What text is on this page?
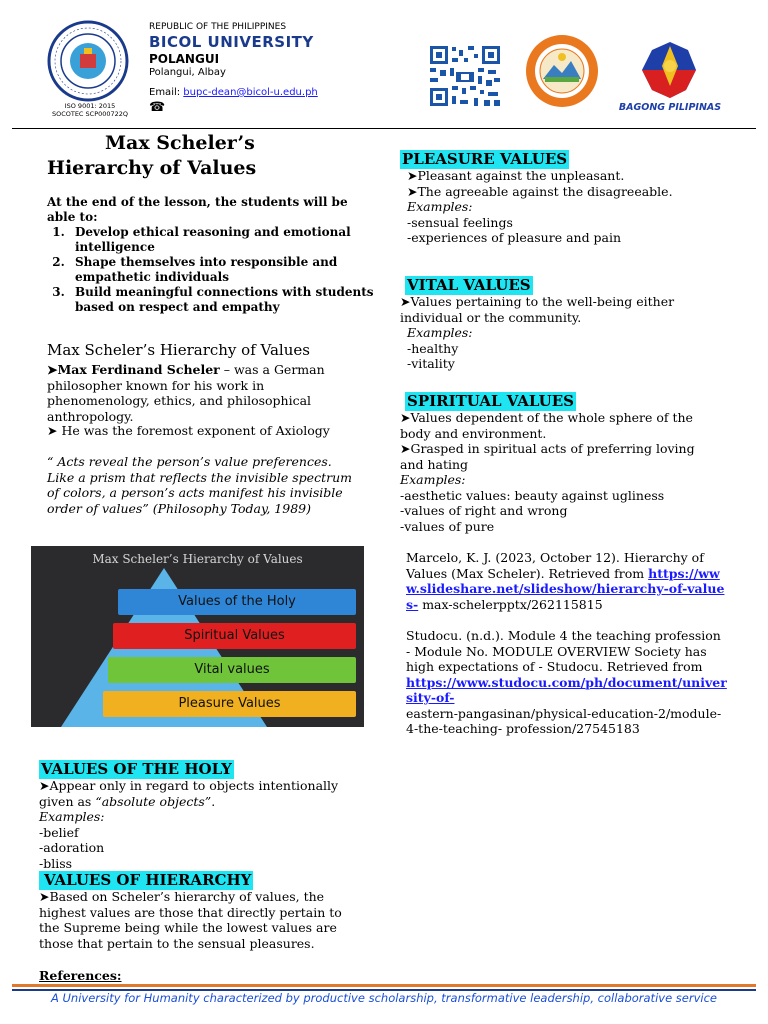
REPUBLIC OF THE PHILIPPINES
BICOL UNIVERSITY
POLANGUI
Polangui, Albay
Email: bupc-dean@bicol-u.edu.ph
☎
ISO 9001: 2015
SOCOTEC SCP000722Q
BAGONG PILIPINAS
Max Scheler’s
Hierarchy of Values
At the end of the lesson, the students will be able to:
1. Develop ethical reasoning and emotional intelligence
2. Shape themselves into responsible and empathetic individuals
3. Build meaningful connections with students based on respect and empathy
Max Scheler’s Hierarchy of Values
➤Max Ferdinand Scheler – was a German philosopher known for his work in phenomenology, ethics, and philosophical anthropology.
➤ He was the foremost exponent of Axiology
“ Acts reveal the person’s value preferences. Like a prism that reflects the invisible spectrum of colors, a person’s acts manifest his invisible order of values” (Philosophy Today, 1989)
Max Scheler’s Hierarchy of Values
Values of the Holy
Spiritual Values
Vital values
Pleasure Values
VALUES OF THE HOLY
➤Appear only in regard to objects intentionally
given as “absolute objects”.
Examples:
-belief
-adoration
-bliss
VALUES OF HIERARCHY
➤Based on Scheler’s hierarchy of values, the highest values are those that directly pertain to the Supreme being while the lowest values are those that pertain to the sensual pleasures.
References:
PLEASURE VALUES
➤Pleasant against the unpleasant.
➤The agreeable against the disagreeable.
Examples:
-sensual feelings
-experiences of pleasure and pain
VITAL VALUES
➤Values pertaining to the well-being either individual or the community.
Examples:
-healthy
-vitality
SPIRITUAL VALUES
➤Values dependent of the whole sphere of the body and environment.
➤Grasped in spiritual acts of preferring loving and hating
Examples:
-aesthetic values: beauty against ugliness
-values of right and wrong
-values of pure
Marcelo, K. J. (2023, October 12). Hierarchy of Values (Max Scheler). Retrieved from https://www.slideshare.net/slideshow/hierarchy-of-values- max-schelerpptx/262115815
Studocu. (n.d.). Module 4 the teaching profession - Module No. MODULE OVERVIEW Society has high expectations of - Studocu. Retrieved from
https://www.studocu.com/ph/document/university-of-
eastern-pangasinan/physical-education-2/module-4-the-teaching- profession/27545183
A University for Humanity characterized by productive scholarship, transformative leadership, collaborative service
